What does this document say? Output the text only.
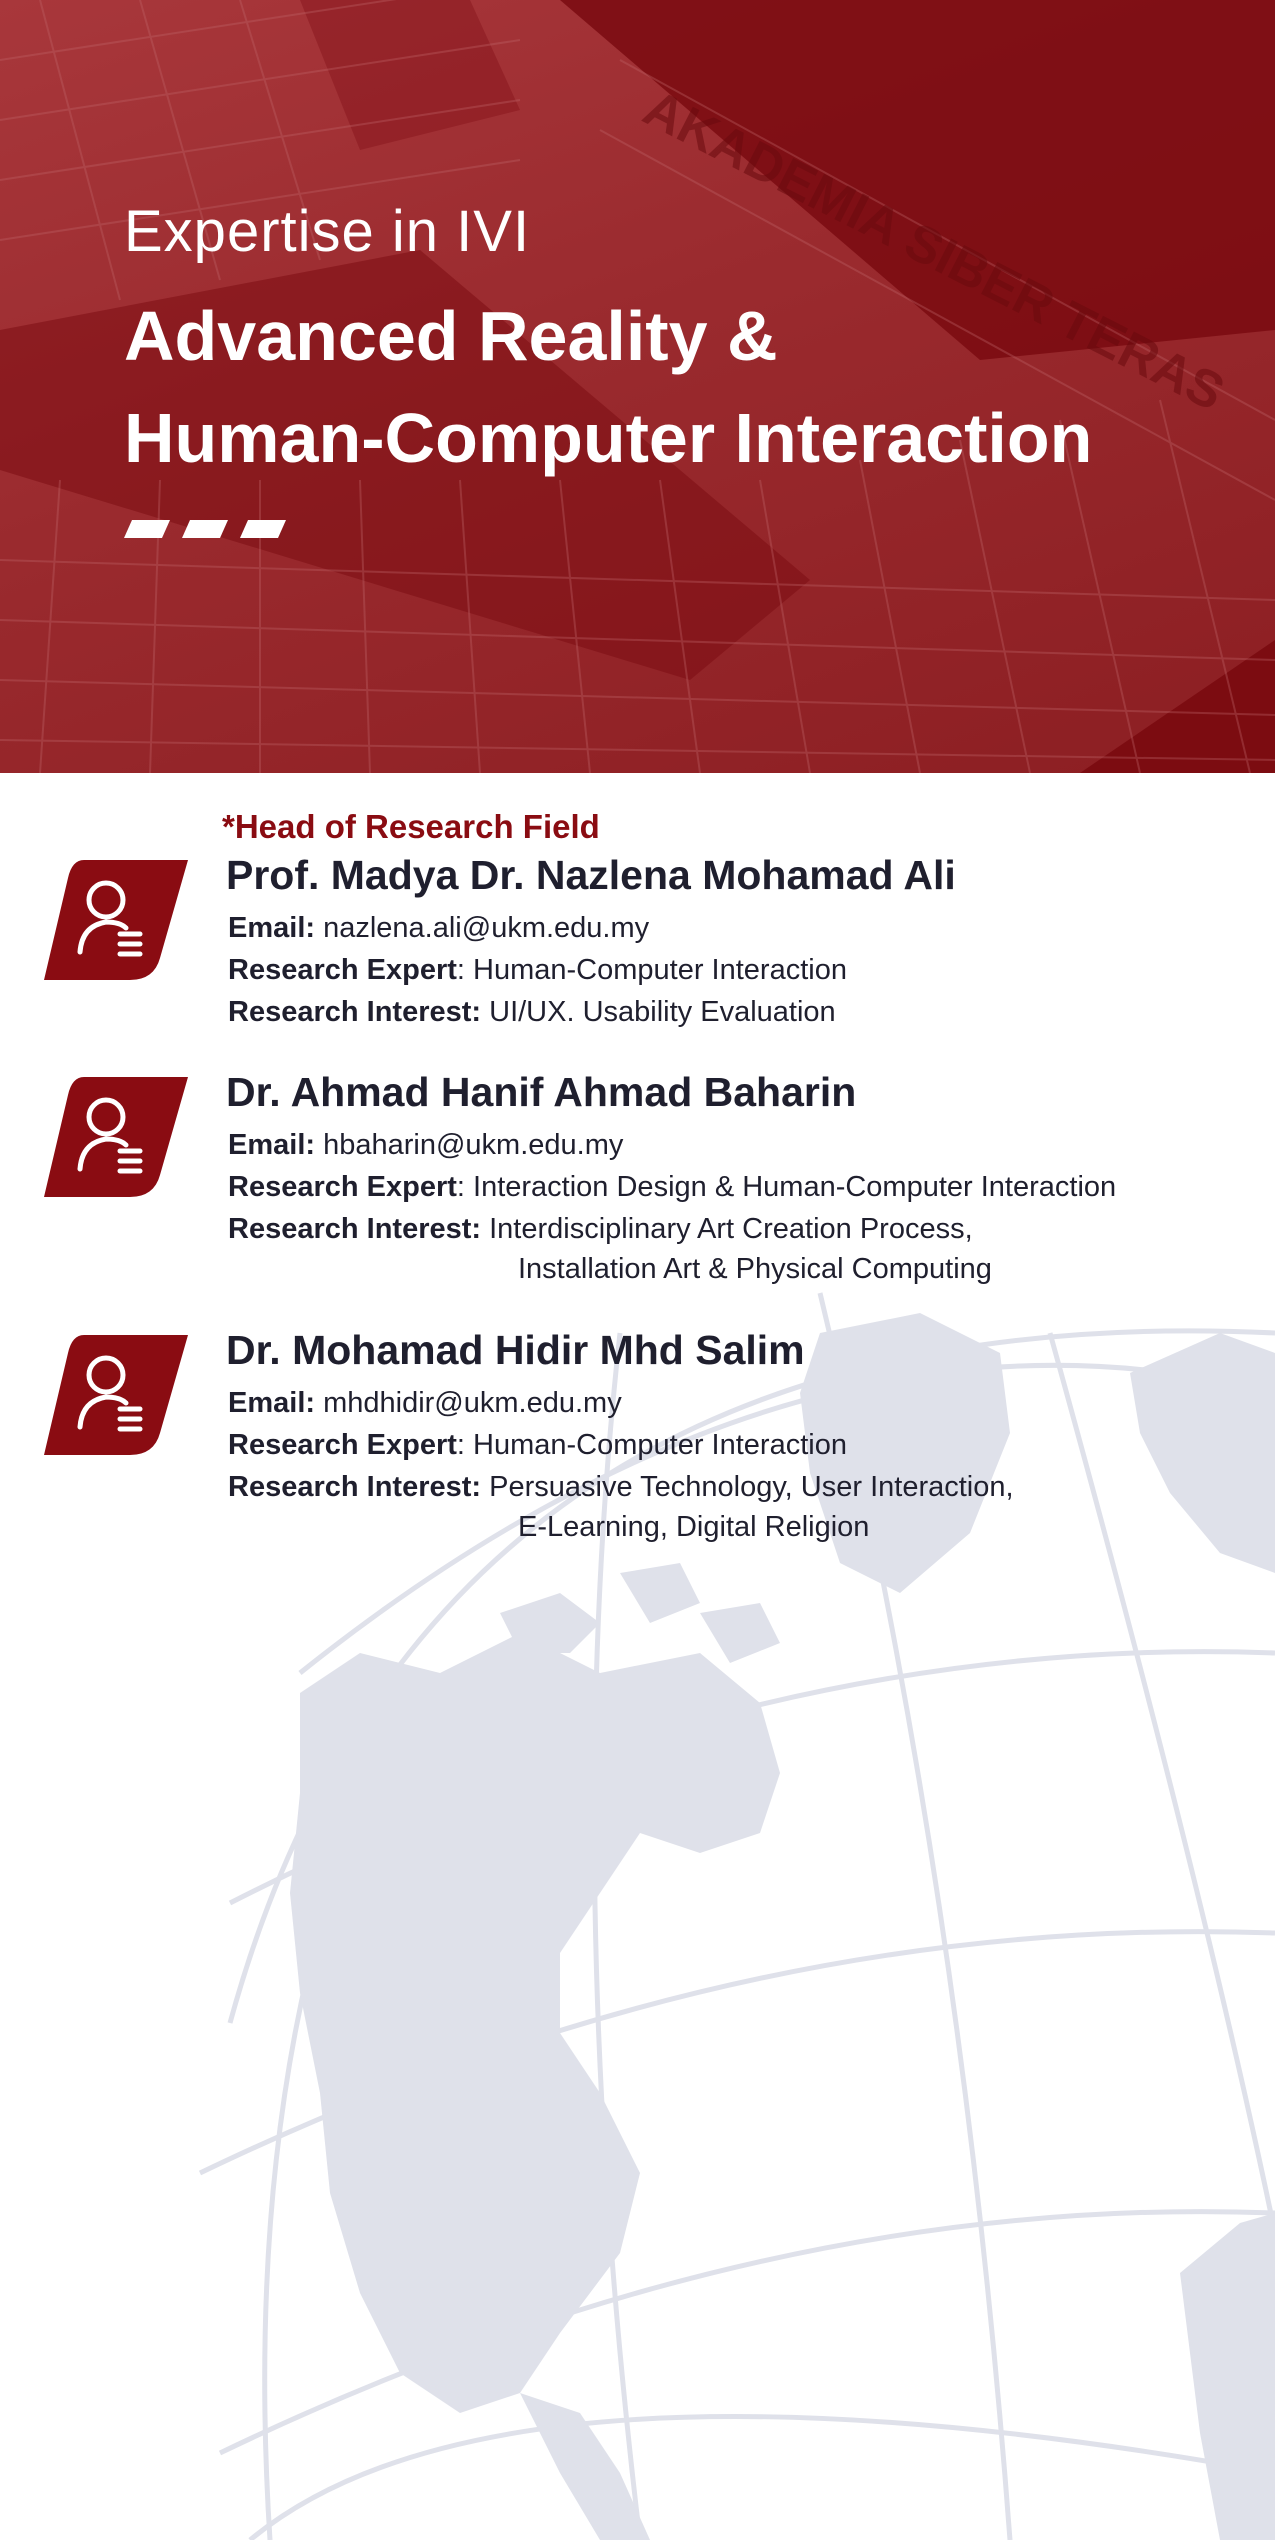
AKADEMIA SIBER TERAS

Expertise in IVI

Advanced Reality &
Human-Computer Interaction

*Head of Research Field

Prof. Madya Dr. Nazlena Mohamad Ali

Email: nazlena.ali@ukm.edu.my

Research Expert: Human-Computer Interaction

Research Interest: UI/UX. Usability Evaluation

Dr. Ahmad Hanif Ahmad Baharin

Email: hbaharin@ukm.edu.my

Research Expert: Interaction Design & Human-Computer Interaction

Research Interest: Interdisciplinary Art Creation Process,

Installation Art & Physical Computing

Dr. Mohamad Hidir Mhd Salim

Email: mhdhidir@ukm.edu.my

Research Expert: Human-Computer Interaction

Research Interest: Persuasive Technology, User Interaction,

E-Learning, Digital Religion
